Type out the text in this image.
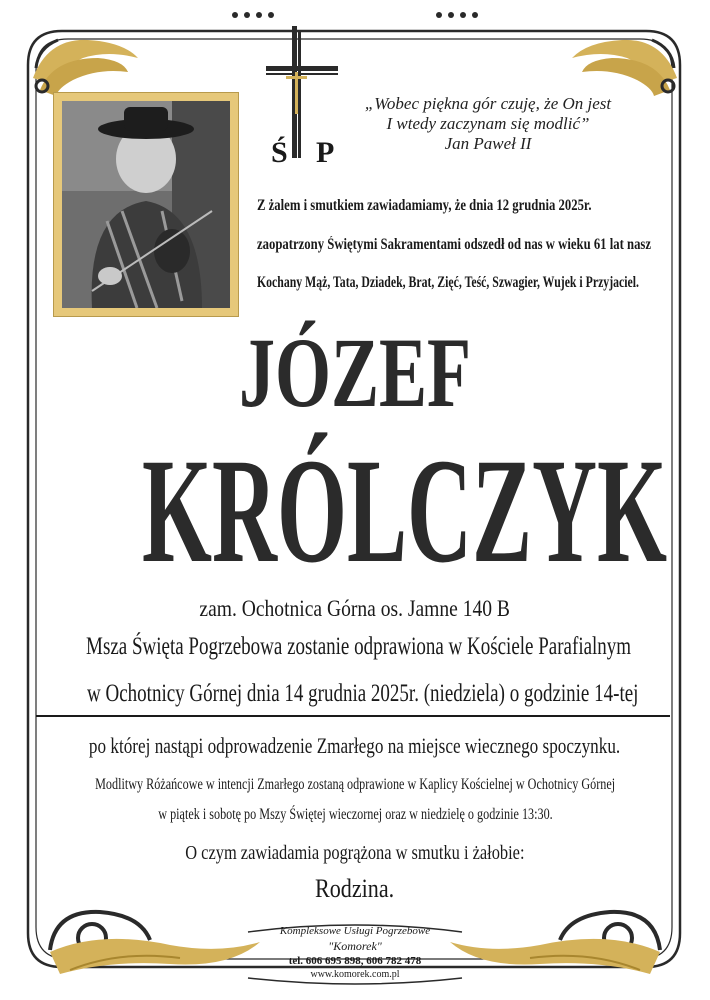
Ś P
„Wobec piękna gór czuję, że On jest
I wtedy zaczynam się modlić”
Jan Paweł II
Z żalem i smutkiem zawiadamiamy, że dnia 12 grudnia 2025r.
zaopatrzony Świętymi Sakramentami odszedł od nas w wieku 61 lat nasz
Kochany Mąż, Tata, Dziadek, Brat, Zięć, Teść, Szwagier, Wujek i Przyjaciel.
JÓZEF
KRÓLCZYK
zam. Ochotnica Górna os. Jamne 140 B
Msza Święta Pogrzebowa zostanie odprawiona w Kościele Parafialnym
w Ochotnicy Górnej dnia 14 grudnia 2025r. (niedziela) o godzinie 14-tej
po której nastąpi odprowadzenie Zmarłego na miejsce wiecznego spoczynku.
Modlitwy Różańcowe w intencji Zmarłego zostaną odprawione w Kaplicy Kościelnej w Ochotnicy Górnej
w piątek i sobotę po Mszy Świętej wieczornej oraz w niedzielę o godzinie 13:30.
O czym zawiadamia pogrążona w smutku i żałobie:
Rodzina.
Kompleksowe Usługi Pogrzebowe
"Komorek"
tel. 606 695 898, 606 782 478
www.komorek.com.pl
